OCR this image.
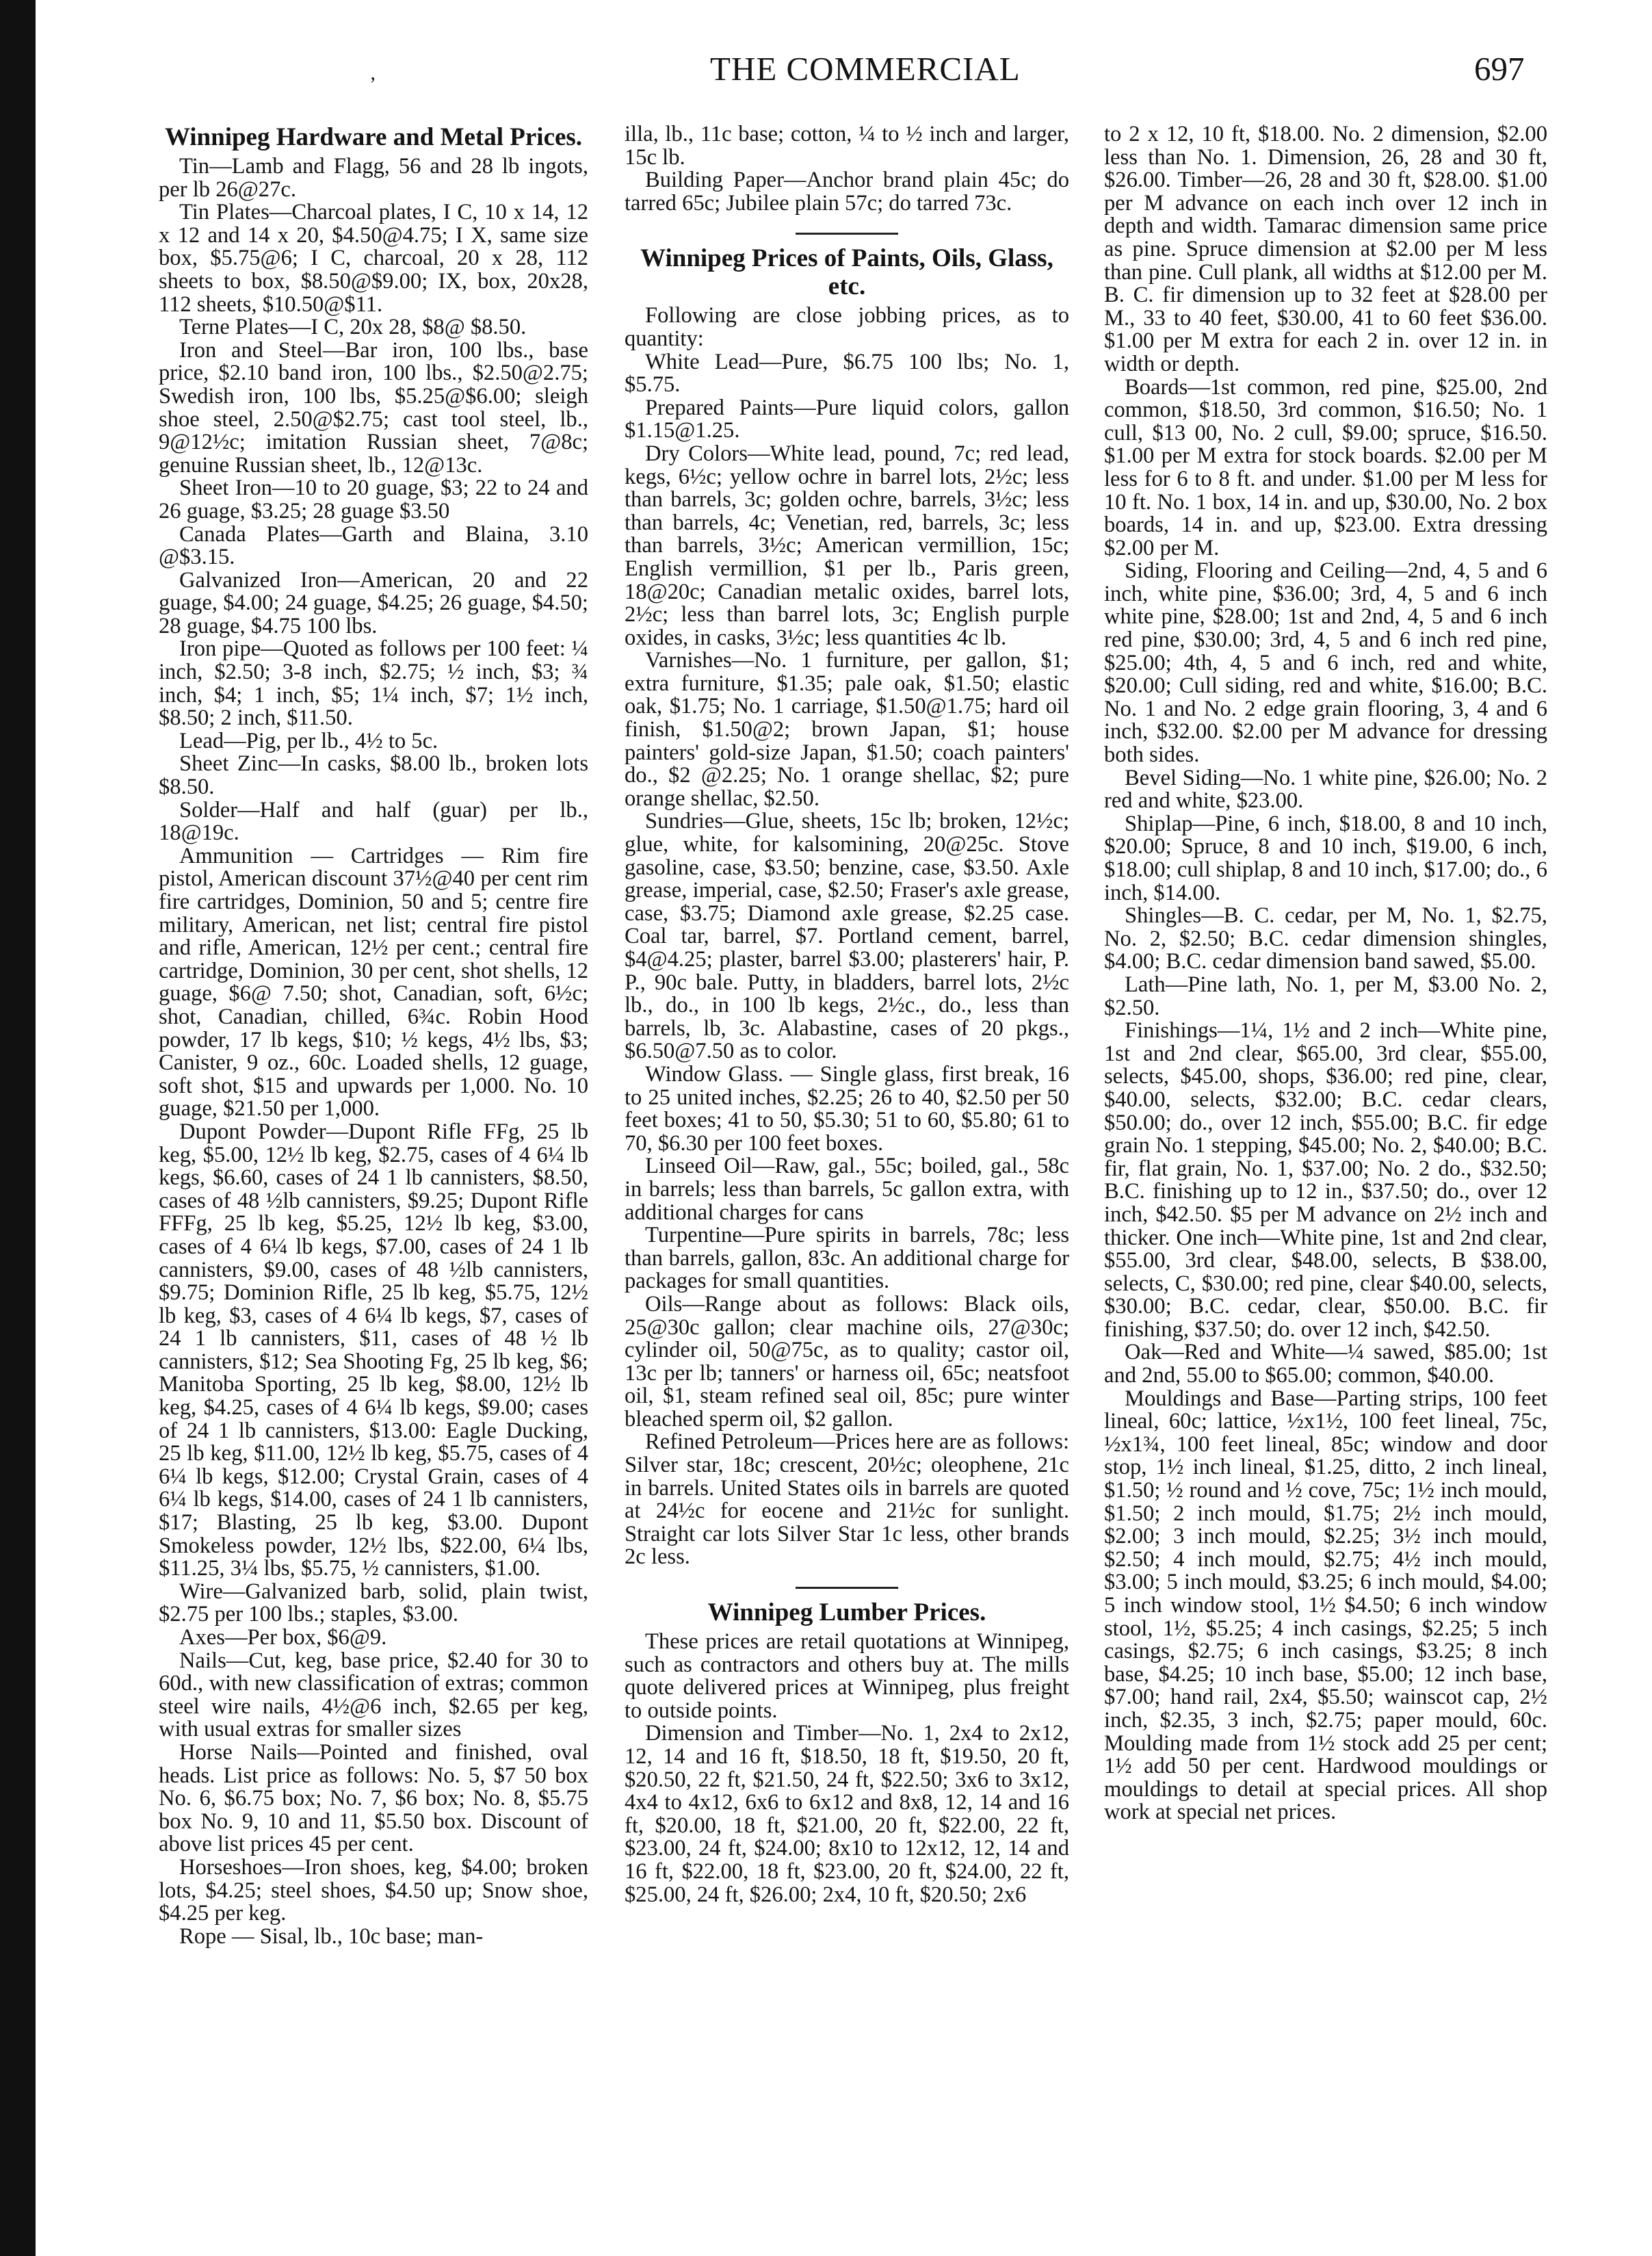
‚	THE COMMERCIAL	697
Winnipeg Hardware and Metal Prices.

Tin—Lamb and Flagg, 56 and 28 lb ingots, per lb 26@27c.

Tin Plates—Charcoal plates, I C, 10 x 14, 12 x 12 and 14 x 20, $4.50@4.75; I X, same size box, $5.75@6; I C, charcoal, 20 x 28, 112 sheets to box, $8.50@$9.00; IX, box, 20x28, 112 sheets, $10.50@$11.

Terne Plates—I C, 20x 28, $8@ $8.50.

Iron and Steel—Bar iron, 100 lbs., base price, $2.10 band iron, 100 lbs., $2.50@2.75; Swedish iron, 100 lbs, $5.25@$6.00; sleigh shoe steel, 2.50@$2.75; cast tool steel, lb., 9@12½c; imitation Russian sheet, 7@8c; genuine Russian sheet, lb., 12@13c.

Sheet Iron—10 to 20 guage, $3; 22 to 24 and 26 guage, $3.25; 28 guage $3.50

Canada Plates—Garth and Blaina, 3.10 @$3.15.

Galvanized Iron—American, 20 and 22 guage, $4.00; 24 guage, $4.25; 26 guage, $4.50; 28 guage, $4.75 100 lbs.

Iron pipe—Quoted as follows per 100 feet: ¼ inch, $2.50; 3-8 inch, $2.75; ½ inch, $3; ¾ inch, $4; 1 inch, $5; 1¼ inch, $7; 1½ inch, $8.50; 2 inch, $11.50.

Lead—Pig, per lb., 4½ to 5c.

Sheet Zinc—In casks, $8.00 lb., broken lots $8.50.

Solder—Half and half (guar) per lb., 18@19c.

Ammunition — Cartridges — Rim fire pistol, American discount 37½@40 per cent rim fire cartridges, Dominion, 50 and 5; centre fire military, American, net list; central fire pistol and rifle, American, 12½ per cent.; central fire cartridge, Dominion, 30 per cent, shot shells, 12 guage, $6@ 7.50; shot, Canadian, soft, 6½c; shot, Canadian, chilled, 6¾c. Robin Hood powder, 17 lb kegs, $10; ½ kegs, 4½ lbs, $3; Canister, 9 oz., 60c. Loaded shells, 12 guage, soft shot, $15 and upwards per 1,000. No. 10 guage, $21.50 per 1,000.

Dupont Powder—Dupont Rifle FFg, 25 lb keg, $5.00, 12½ lb keg, $2.75, cases of 4 6¼ lb kegs, $6.60, cases of 24 1 lb cannisters, $8.50, cases of 48 ½lb cannisters, $9.25; Dupont Rifle FFFg, 25 lb keg, $5.25, 12½ lb keg, $3.00, cases of 4 6¼ lb kegs, $7.00, cases of 24 1 lb cannisters, $9.00, cases of 48 ½lb cannisters, $9.75; Dominion Rifle, 25 lb keg, $5.75, 12½ lb keg, $3, cases of 4 6¼ lb kegs, $7, cases of 24 1 lb cannisters, $11, cases of 48 ½ lb cannisters, $12; Sea Shooting Fg, 25 lb keg, $6; Manitoba Sporting, 25 lb keg, $8.00, 12½ lb keg, $4.25, cases of 4 6¼ lb kegs, $9.00; cases of 24 1 lb cannisters, $13.00: Eagle Ducking, 25 lb keg, $11.00, 12½ lb keg, $5.75, cases of 4 6¼ lb kegs, $12.00; Crystal Grain, cases of 4 6¼ lb kegs, $14.00, cases of 24 1 lb cannisters, $17; Blasting, 25 lb keg, $3.00. Dupont Smokeless powder, 12½ lbs, $22.00, 6¼ lbs, $11.25, 3¼ lbs, $5.75, ½ cannisters, $1.00.

Wire—Galvanized barb, solid, plain twist, $2.75 per 100 lbs.; staples, $3.00.

Axes—Per box, $6@9.

Nails—Cut, keg, base price, $2.40 for 30 to 60d., with new classification of extras; common steel wire nails, 4½@6 inch, $2.65 per keg, with usual extras for smaller sizes

Horse Nails—Pointed and finished, oval heads. List price as follows: No. 5, $7 50 box No. 6, $6.75 box; No. 7, $6 box; No. 8, $5.75 box No. 9, 10 and 11, $5.50 box. Discount of above list prices 45 per cent.

Horseshoes—Iron shoes, keg, $4.00; broken lots, $4.25; steel shoes, $4.50 up; Snow shoe, $4.25 per keg.

Rope — Sisal, lb., 10c base; man-

illa, lb., 11c base; cotton, ¼ to ½ inch and larger, 15c lb.

Building Paper—Anchor brand plain 45c; do tarred 65c; Jubilee plain 57c; do tarred 73c.

Winnipeg Prices of Paints, Oils, Glass, etc.

Following are close jobbing prices, as to quantity:

White Lead—Pure, $6.75 100 lbs; No. 1, $5.75.

Prepared Paints—Pure liquid colors, gallon $1.15@1.25.

Dry Colors—White lead, pound, 7c; red lead, kegs, 6½c; yellow ochre in barrel lots, 2½c; less than barrels, 3c; golden ochre, barrels, 3½c; less than barrels, 4c; Venetian, red, barrels, 3c; less than barrels, 3½c; American vermillion, 15c; English vermillion, $1 per lb., Paris green, 18@20c; Canadian metalic oxides, barrel lots, 2½c; less than barrel lots, 3c; English purple oxides, in casks, 3½c; less quantities 4c lb.

Varnishes—No. 1 furniture, per gallon, $1; extra furniture, $1.35; pale oak, $1.50; elastic oak, $1.75; No. 1 carriage, $1.50@1.75; hard oil finish, $1.50@2; brown Japan, $1; house painters' gold-size Japan, $1.50; coach painters' do., $2 @2.25; No. 1 orange shellac, $2; pure orange shellac, $2.50.

Sundries—Glue, sheets, 15c lb; broken, 12½c; glue, white, for kalsomining, 20@25c. Stove gasoline, case, $3.50; benzine, case, $3.50. Axle grease, imperial, case, $2.50; Fraser's axle grease, case, $3.75; Diamond axle grease, $2.25 case. Coal tar, barrel, $7. Portland cement, barrel, $4@4.25; plaster, barrel $3.00; plasterers' hair, P. P., 90c bale. Putty, in bladders, barrel lots, 2½c lb., do., in 100 lb kegs, 2½c., do., less than barrels, lb, 3c. Alabastine, cases of 20 pkgs., $6.50@7.50 as to color.

Window Glass. — Single glass, first break, 16 to 25 united inches, $2.25; 26 to 40, $2.50 per 50 feet boxes; 41 to 50, $5.30; 51 to 60, $5.80; 61 to 70, $6.30 per 100 feet boxes.

Linseed Oil—Raw, gal., 55c; boiled, gal., 58c in barrels; less than barrels, 5c gallon extra, with additional charges for cans

Turpentine—Pure spirits in barrels, 78c; less than barrels, gallon, 83c. An additional charge for packages for small quantities.

Oils—Range about as follows: Black oils, 25@30c gallon; clear machine oils, 27@30c; cylinder oil, 50@75c, as to quality; castor oil, 13c per lb; tanners' or harness oil, 65c; neatsfoot oil, $1, steam refined seal oil, 85c; pure winter bleached sperm oil, $2 gallon.

Refined Petroleum—Prices here are as follows: Silver star, 18c; crescent, 20½c; oleophene, 21c in barrels. United States oils in barrels are quoted at 24½c for eocene and 21½c for sunlight. Straight car lots Silver Star 1c less, other brands 2c less.

Winnipeg Lumber Prices.

These prices are retail quotations at Winnipeg, such as contractors and others buy at. The mills quote delivered prices at Winnipeg, plus freight to outside points.

Dimension and Timber—No. 1, 2x4 to 2x12, 12, 14 and 16 ft, $18.50, 18 ft, $19.50, 20 ft, $20.50, 22 ft, $21.50, 24 ft, $22.50; 3x6 to 3x12, 4x4 to 4x12, 6x6 to 6x12 and 8x8, 12, 14 and 16 ft, $20.00, 18 ft, $21.00, 20 ft, $22.00, 22 ft, $23.00, 24 ft, $24.00; 8x10 to 12x12, 12, 14 and 16 ft, $22.00, 18 ft, $23.00, 20 ft, $24.00, 22 ft, $25.00, 24 ft, $26.00; 2x4, 10 ft, $20.50; 2x6

to 2 x 12, 10 ft, $18.00. No. 2 dimension, $2.00 less than No. 1. Dimension, 26, 28 and 30 ft, $26.00. Timber—26, 28 and 30 ft, $28.00. $1.00 per M advance on each inch over 12 inch in depth and width. Tamarac dimension same price as pine. Spruce dimension at $2.00 per M less than pine. Cull plank, all widths at $12.00 per M. B. C. fir dimension up to 32 feet at $28.00 per M., 33 to 40 feet, $30.00, 41 to 60 feet $36.00. $1.00 per M extra for each 2 in. over 12 in. in width or depth.

Boards—1st common, red pine, $25.00, 2nd common, $18.50, 3rd common, $16.50; No. 1 cull, $13 00, No. 2 cull, $9.00; spruce, $16.50. $1.00 per M extra for stock boards. $2.00 per M less for 6 to 8 ft. and under. $1.00 per M less for 10 ft. No. 1 box, 14 in. and up, $30.00, No. 2 box boards, 14 in. and up, $23.00. Extra dressing $2.00 per M.

Siding, Flooring and Ceiling—2nd, 4, 5 and 6 inch, white pine, $36.00; 3rd, 4, 5 and 6 inch white pine, $28.00; 1st and 2nd, 4, 5 and 6 inch red pine, $30.00; 3rd, 4, 5 and 6 inch red pine, $25.00; 4th, 4, 5 and 6 inch, red and white, $20.00; Cull siding, red and white, $16.00; B.C. No. 1 and No. 2 edge grain flooring, 3, 4 and 6 inch, $32.00. $2.00 per M advance for dressing both sides.

Bevel Siding—No. 1 white pine, $26.00; No. 2 red and white, $23.00.

Shiplap—Pine, 6 inch, $18.00, 8 and 10 inch, $20.00; Spruce, 8 and 10 inch, $19.00, 6 inch, $18.00; cull shiplap, 8 and 10 inch, $17.00; do., 6 inch, $14.00.

Shingles—B. C. cedar, per M, No. 1, $2.75, No. 2, $2.50; B.C. cedar dimension shingles, $4.00; B.C. cedar dimension band sawed, $5.00.

Lath—Pine lath, No. 1, per M, $3.00 No. 2, $2.50.

Finishings—1¼, 1½ and 2 inch—White pine, 1st and 2nd clear, $65.00, 3rd clear, $55.00, selects, $45.00, shops, $36.00; red pine, clear, $40.00, selects, $32.00; B.C. cedar clears, $50.00; do., over 12 inch, $55.00; B.C. fir edge grain No. 1 stepping, $45.00; No. 2, $40.00; B.C. fir, flat grain, No. 1, $37.00; No. 2 do., $32.50; B.C. finishing up to 12 in., $37.50; do., over 12 inch, $42.50. $5 per M advance on 2½ inch and thicker. One inch—White pine, 1st and 2nd clear, $55.00, 3rd clear, $48.00, selects, B $38.00, selects, C, $30.00; red pine, clear $40.00, selects, $30.00; B.C. cedar, clear, $50.00. B.C. fir finishing, $37.50; do. over 12 inch, $42.50.

Oak—Red and White—¼ sawed, $85.00; 1st and 2nd, 55.00 to $65.00; common, $40.00.

Mouldings and Base—Parting strips, 100 feet lineal, 60c; lattice, ½x1½, 100 feet lineal, 75c, ½x1¾, 100 feet lineal, 85c; window and door stop, 1½ inch lineal, $1.25, ditto, 2 inch lineal, $1.50; ½ round and ½ cove, 75c; 1½ inch mould, $1.50; 2 inch mould, $1.75; 2½ inch mould, $2.00; 3 inch mould, $2.25; 3½ inch mould, $2.50; 4 inch mould, $2.75; 4½ inch mould, $3.00; 5 inch mould, $3.25; 6 inch mould, $4.00; 5 inch window stool, 1½ $4.50; 6 inch window stool, 1½, $5.25; 4 inch casings, $2.25; 5 inch casings, $2.75; 6 inch casings, $3.25; 8 inch base, $4.25; 10 inch base, $5.00; 12 inch base, $7.00; hand rail, 2x4, $5.50; wainscot cap, 2½ inch, $2.35, 3 inch, $2.75; paper mould, 60c. Moulding made from 1½ stock add 25 per cent; 1½ add 50 per cent. Hardwood mouldings or mouldings to detail at special prices. All shop work at special net prices.
